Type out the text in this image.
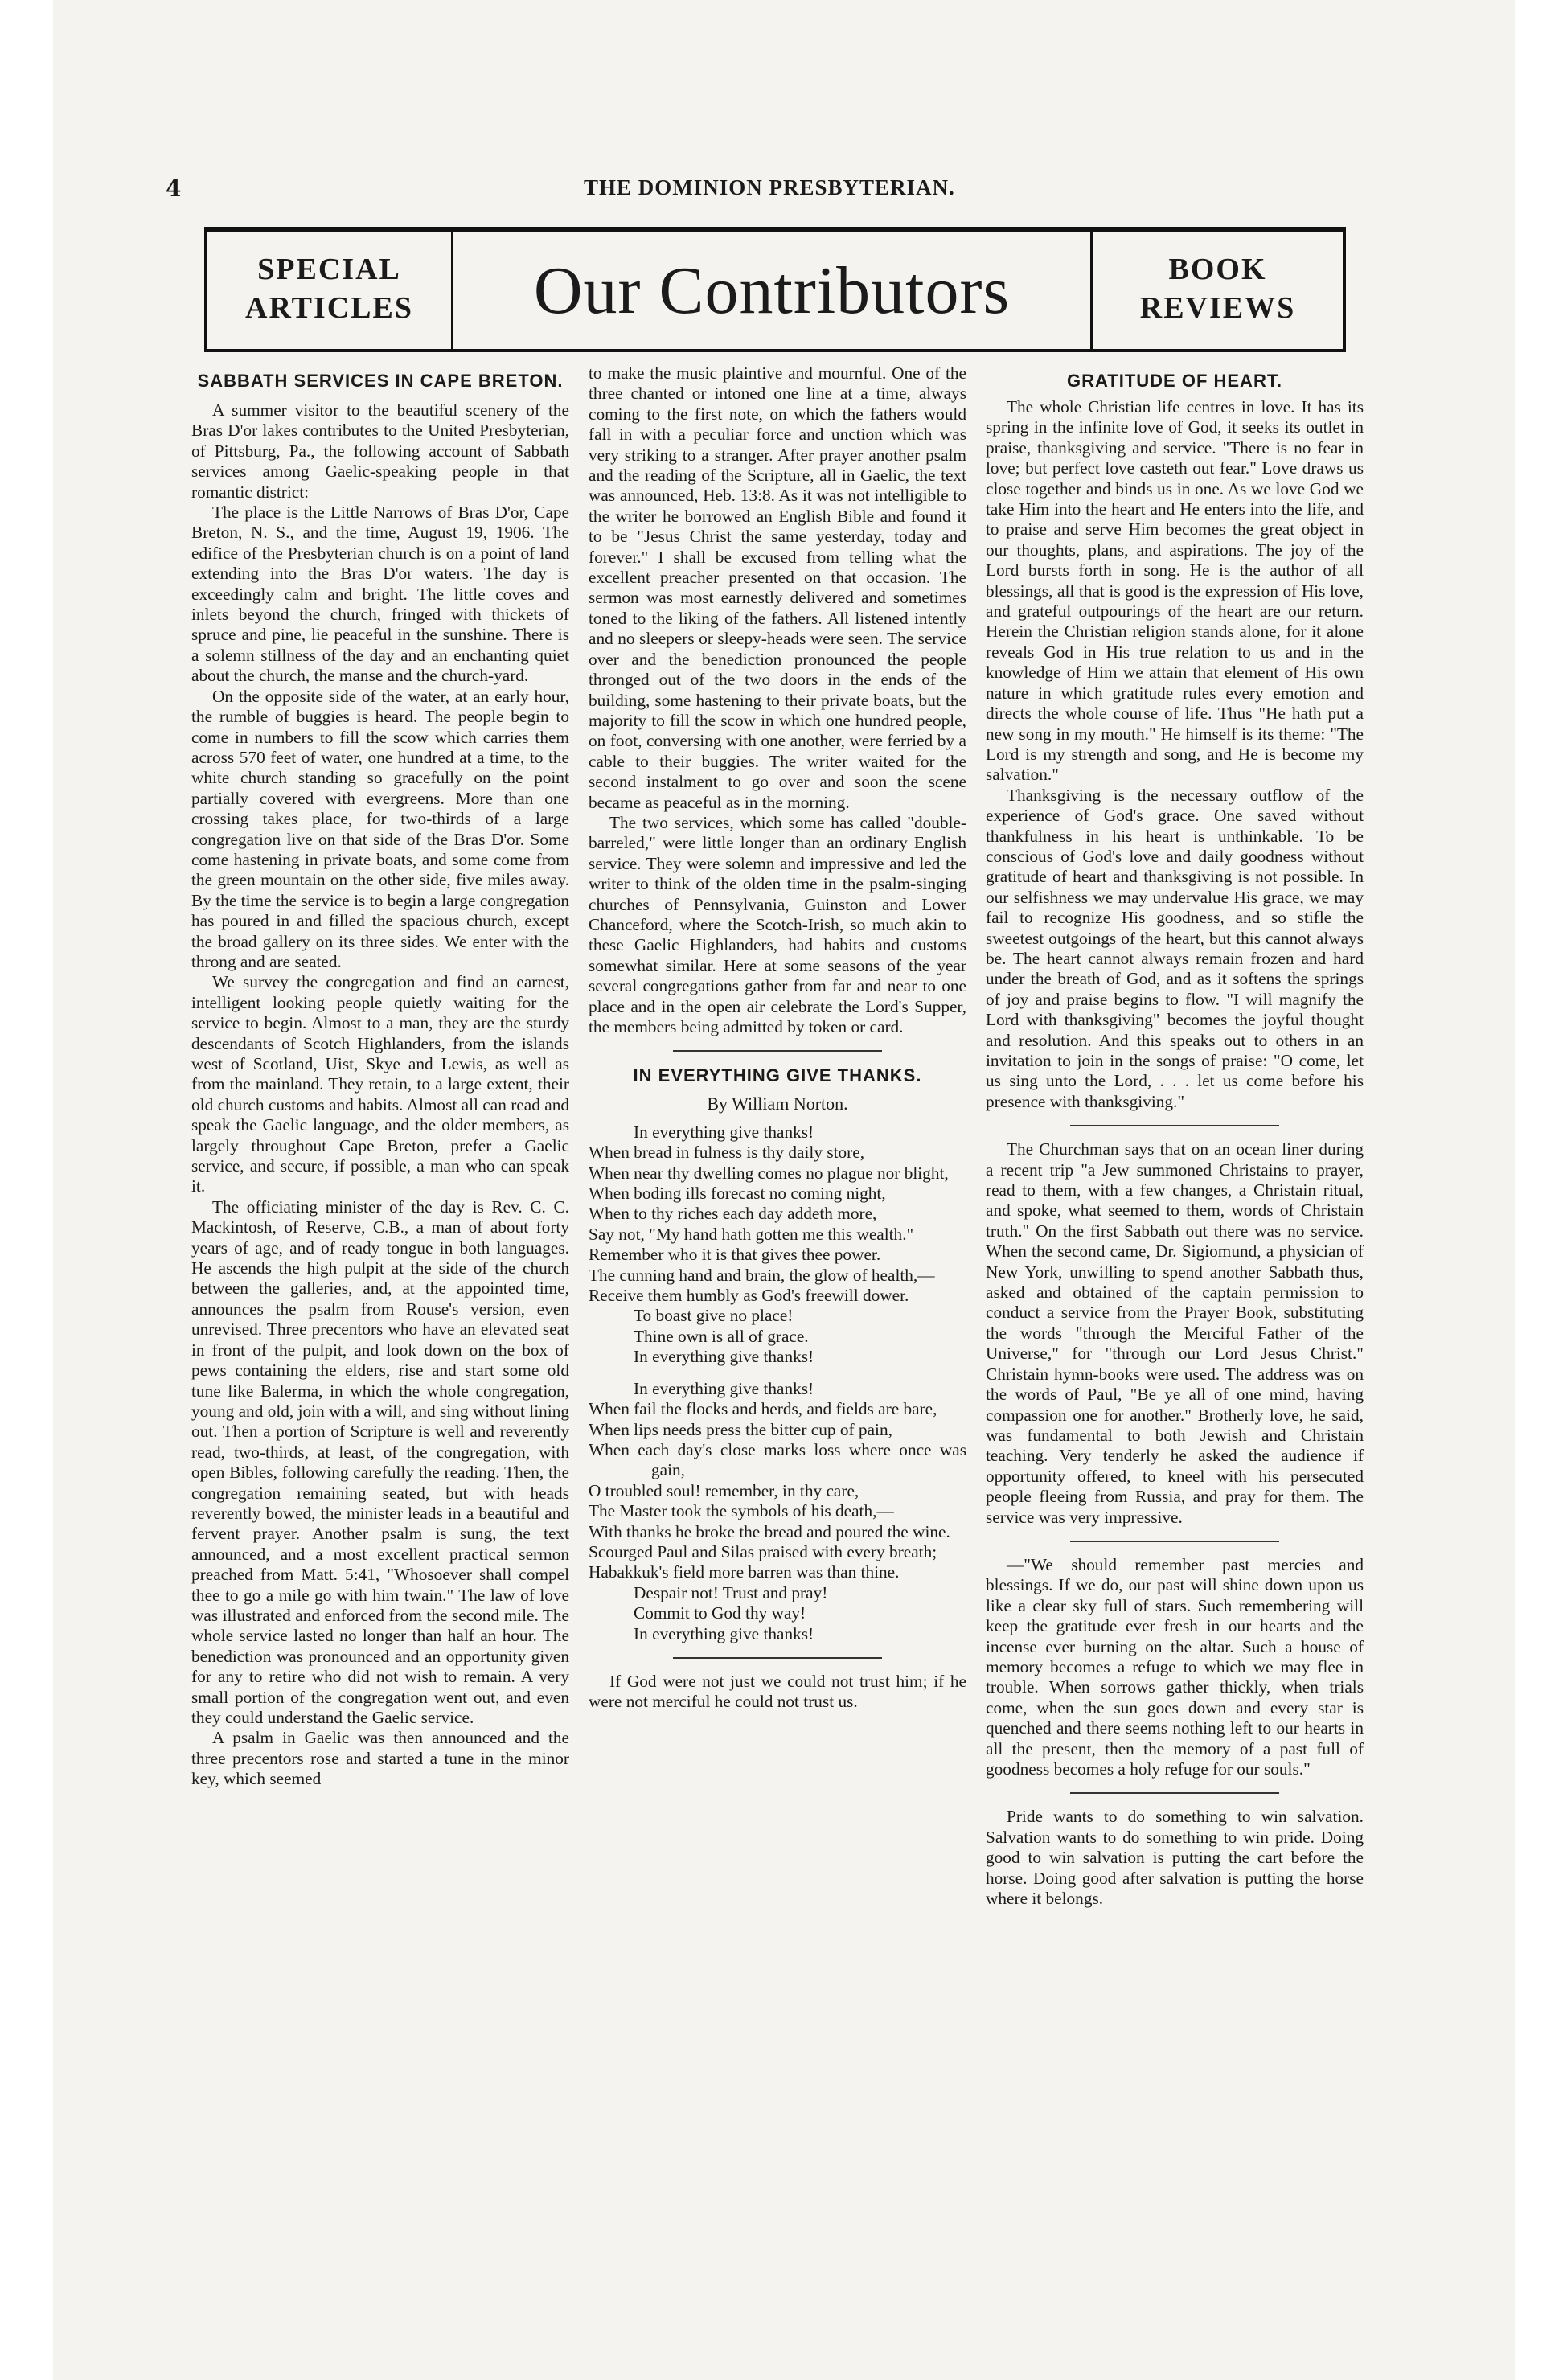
4	THE DOMINION PRESBYTERIAN.
SPECIAL
ARTICLES	Our Contributors	BOOK
REVIEWS
SABBATH SERVICES IN CAPE BRETON.

A summer visitor to the beautiful scenery of the Bras D'or lakes contributes to the United Presbyterian, of Pittsburg, Pa., the following account of Sabbath services among Gaelic-speaking people in that romantic district:

The place is the Little Narrows of Bras D'or, Cape Breton, N. S., and the time, August 19, 1906. The edifice of the Presbyterian church is on a point of land extending into the Bras D'or waters. The day is exceedingly calm and bright. The little coves and inlets beyond the church, fringed with thickets of spruce and pine, lie peaceful in the sunshine. There is a solemn stillness of the day and an enchanting quiet about the church, the manse and the church-yard.

On the opposite side of the water, at an early hour, the rumble of buggies is heard. The people begin to come in numbers to fill the scow which carries them across 570 feet of water, one hundred at a time, to the white church standing so gracefully on the point partially covered with evergreens. More than one crossing takes place, for two-thirds of a large congregation live on that side of the Bras D'or. Some come hastening in private boats, and some come from the green mountain on the other side, five miles away. By the time the service is to begin a large congregation has poured in and filled the spacious church, except the broad gallery on its three sides. We enter with the throng and are seated.

We survey the congregation and find an earnest, intelligent looking people quietly waiting for the service to begin. Almost to a man, they are the sturdy descendants of Scotch Highlanders, from the islands west of Scotland, Uist, Skye and Lewis, as well as from the mainland. They retain, to a large extent, their old church customs and habits. Almost all can read and speak the Gaelic language, and the older members, as largely throughout Cape Breton, prefer a Gaelic service, and secure, if possible, a man who can speak it.

The officiating minister of the day is Rev. C. C. Mackintosh, of Reserve, C.B., a man of about forty years of age, and of ready tongue in both languages. He ascends the high pulpit at the side of the church between the galleries, and, at the appointed time, announces the psalm from Rouse's version, even unrevised. Three precentors who have an elevated seat in front of the pulpit, and look down on the box of pews containing the elders, rise and start some old tune like Balerma, in which the whole congregation, young and old, join with a will, and sing without lining out. Then a portion of Scripture is well and reverently read, two-thirds, at least, of the congregation, with open Bibles, following carefully the reading. Then, the congregation remaining seated, but with heads reverently bowed, the minister leads in a beautiful and fervent prayer. Another psalm is sung, the text announced, and a most excellent practical sermon preached from Matt. 5:41, "Whosoever shall compel thee to go a mile go with him twain." The law of love was illustrated and enforced from the second mile. The whole service lasted no longer than half an hour. The benediction was pronounced and an opportunity given for any to retire who did not wish to remain. A very small portion of the congregation went out, and even they could understand the Gaelic service.

A psalm in Gaelic was then announced and the three precentors rose and started a tune in the minor key, which seemed

to make the music plaintive and mournful. One of the three chanted or intoned one line at a time, always coming to the first note, on which the fathers would fall in with a peculiar force and unction which was very striking to a stranger. After prayer another psalm and the reading of the Scripture, all in Gaelic, the text was announced, Heb. 13:8. As it was not intelligible to the writer he borrowed an English Bible and found it to be "Jesus Christ the same yesterday, today and forever." I shall be excused from telling what the excellent preacher presented on that occasion. The sermon was most earnestly delivered and sometimes toned to the liking of the fathers. All listened intently and no sleepers or sleepy-heads were seen. The service over and the benediction pronounced the people thronged out of the two doors in the ends of the building, some hastening to their private boats, but the majority to fill the scow in which one hundred people, on foot, conversing with one another, were ferried by a cable to their buggies. The writer waited for the second instalment to go over and soon the scene became as peaceful as in the morning.

The two services, which some has called "double-barreled," were little longer than an ordinary English service. They were solemn and impressive and led the writer to think of the olden time in the psalm-singing churches of Pennsylvania, Guinston and Lower Chanceford, where the Scotch-Irish, so much akin to these Gaelic Highlanders, had habits and customs somewhat similar. Here at some seasons of the year several congregations gather from far and near to one place and in the open air celebrate the Lord's Supper, the members being admitted by token or card.

IN EVERYTHING GIVE THANKS.

By William Norton.

In everything give thanks!

When bread in fulness is thy daily store,

When near thy dwelling comes no plague nor blight,

When boding ills forecast no coming night,

When to thy riches each day addeth more,

Say not, "My hand hath gotten me this wealth."

Remember who it is that gives thee power.

The cunning hand and brain, the glow of health,—

Receive them humbly as God's freewill dower.

To boast give no place!

Thine own is all of grace.

In everything give thanks!

In everything give thanks!

When fail the flocks and herds, and fields are bare,

When lips needs press the bitter cup of pain,

When each day's close marks loss where once was gain,

O troubled soul! remember, in thy care,

The Master took the symbols of his death,—

With thanks he broke the bread and poured the wine.

Scourged Paul and Silas praised with every breath;

Habakkuk's field more barren was than thine.

Despair not! Trust and pray!

Commit to God thy way!

In everything give thanks!

If God were not just we could not trust him; if he were not merciful he could not trust us.

GRATITUDE OF HEART.

The whole Christian life centres in love. It has its spring in the infinite love of God, it seeks its outlet in praise, thanksgiving and service. "There is no fear in love; but perfect love casteth out fear." Love draws us close together and binds us in one. As we love God we take Him into the heart and He enters into the life, and to praise and serve Him becomes the great object in our thoughts, plans, and aspirations. The joy of the Lord bursts forth in song. He is the author of all blessings, all that is good is the expression of His love, and grateful outpourings of the heart are our return. Herein the Christian religion stands alone, for it alone reveals God in His true relation to us and in the knowledge of Him we attain that element of His own nature in which gratitude rules every emotion and directs the whole course of life. Thus "He hath put a new song in my mouth." He himself is its theme: "The Lord is my strength and song, and He is become my salvation."

Thanksgiving is the necessary outflow of the experience of God's grace. One saved without thankfulness in his heart is unthinkable. To be conscious of God's love and daily goodness without gratitude of heart and thanksgiving is not possible. In our selfishness we may undervalue His grace, we may fail to recognize His goodness, and so stifle the sweetest outgoings of the heart, but this cannot always be. The heart cannot always remain frozen and hard under the breath of God, and as it softens the springs of joy and praise begins to flow. "I will magnify the Lord with thanksgiving" becomes the joyful thought and resolution. And this speaks out to others in an invitation to join in the songs of praise: "O come, let us sing unto the Lord, . . . let us come before his presence with thanksgiving."

The Churchman says that on an ocean liner during a recent trip "a Jew summoned Christains to prayer, read to them, with a few changes, a Christain ritual, and spoke, what seemed to them, words of Christain truth." On the first Sabbath out there was no service. When the second came, Dr. Sigiomund, a physician of New York, unwilling to spend another Sabbath thus, asked and obtained of the captain permission to conduct a service from the Prayer Book, substituting the words "through the Merciful Father of the Universe," for "through our Lord Jesus Christ." Christain hymn-books were used. The address was on the words of Paul, "Be ye all of one mind, having compassion one for another." Brotherly love, he said, was fundamental to both Jewish and Christain teaching. Very tenderly he asked the audience if opportunity offered, to kneel with his persecuted people fleeing from Russia, and pray for them. The service was very impressive.

—"We should remember past mercies and blessings. If we do, our past will shine down upon us like a clear sky full of stars. Such remembering will keep the gratitude ever fresh in our hearts and the incense ever burning on the altar. Such a house of memory becomes a refuge to which we may flee in trouble. When sorrows gather thickly, when trials come, when the sun goes down and every star is quenched and there seems nothing left to our hearts in all the present, then the memory of a past full of goodness becomes a holy refuge for our souls."

Pride wants to do something to win salvation. Salvation wants to do something to win pride. Doing good to win salvation is putting the cart before the horse. Doing good after salvation is putting the horse where it belongs.
